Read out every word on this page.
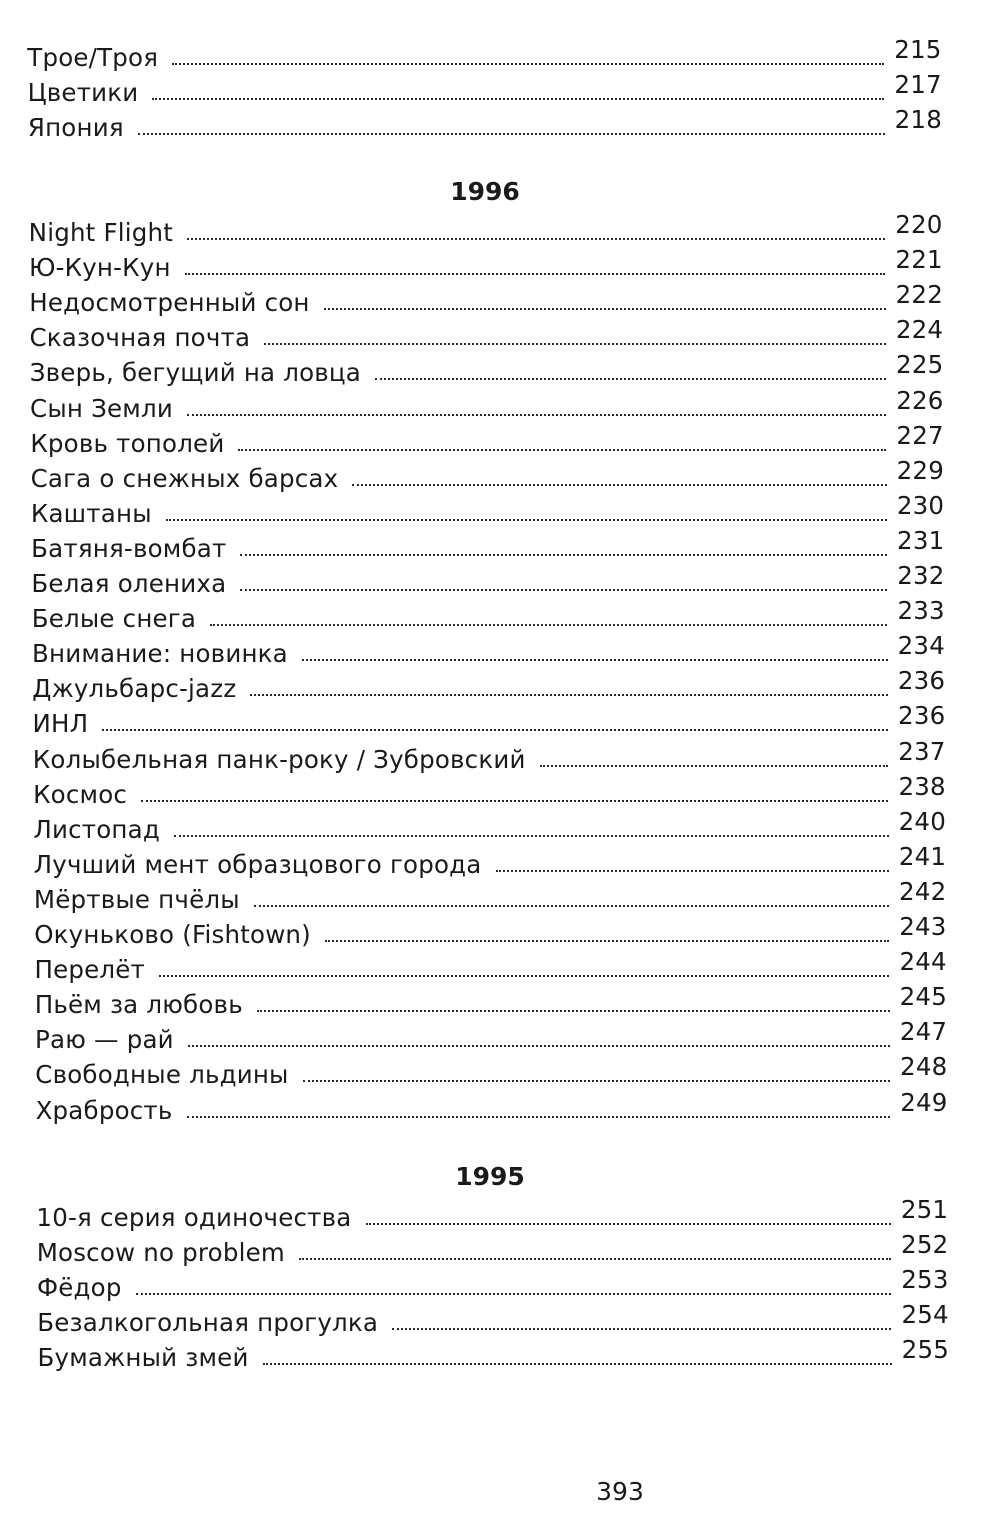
393
Трое/Троя	215
Цветики	217
Япония	218
1996
Night Flight	220
Ю-Кун-Кун	221
Недосмотренный сон	222
Сказочная почта	224
Зверь, бегущий на ловца	225
Сын Земли	226
Кровь тополей	227
Сага о снежных барсах	229
Каштаны	230
Батяня-вомбат	231
Белая олениха	232
Белые снега	233
Внимание: новинка	234
Джульбарс-jazz	236
ИНЛ	236
Колыбельная панк-року / Зубровский	237
Космос	238
Листопад	240
Лучший мент образцового города	241
Мёртвые пчёлы	242
Окуньково (Fishtown)	243
Перелёт	244
Пьём за любовь	245
Раю — рай	247
Свободные льдины	248
Храбрость	249
1995
10-я серия одиночества	251
Moscow no problem	252
Фёдор	253
Безалкогольная прогулка	254
Бумажный змей	255
